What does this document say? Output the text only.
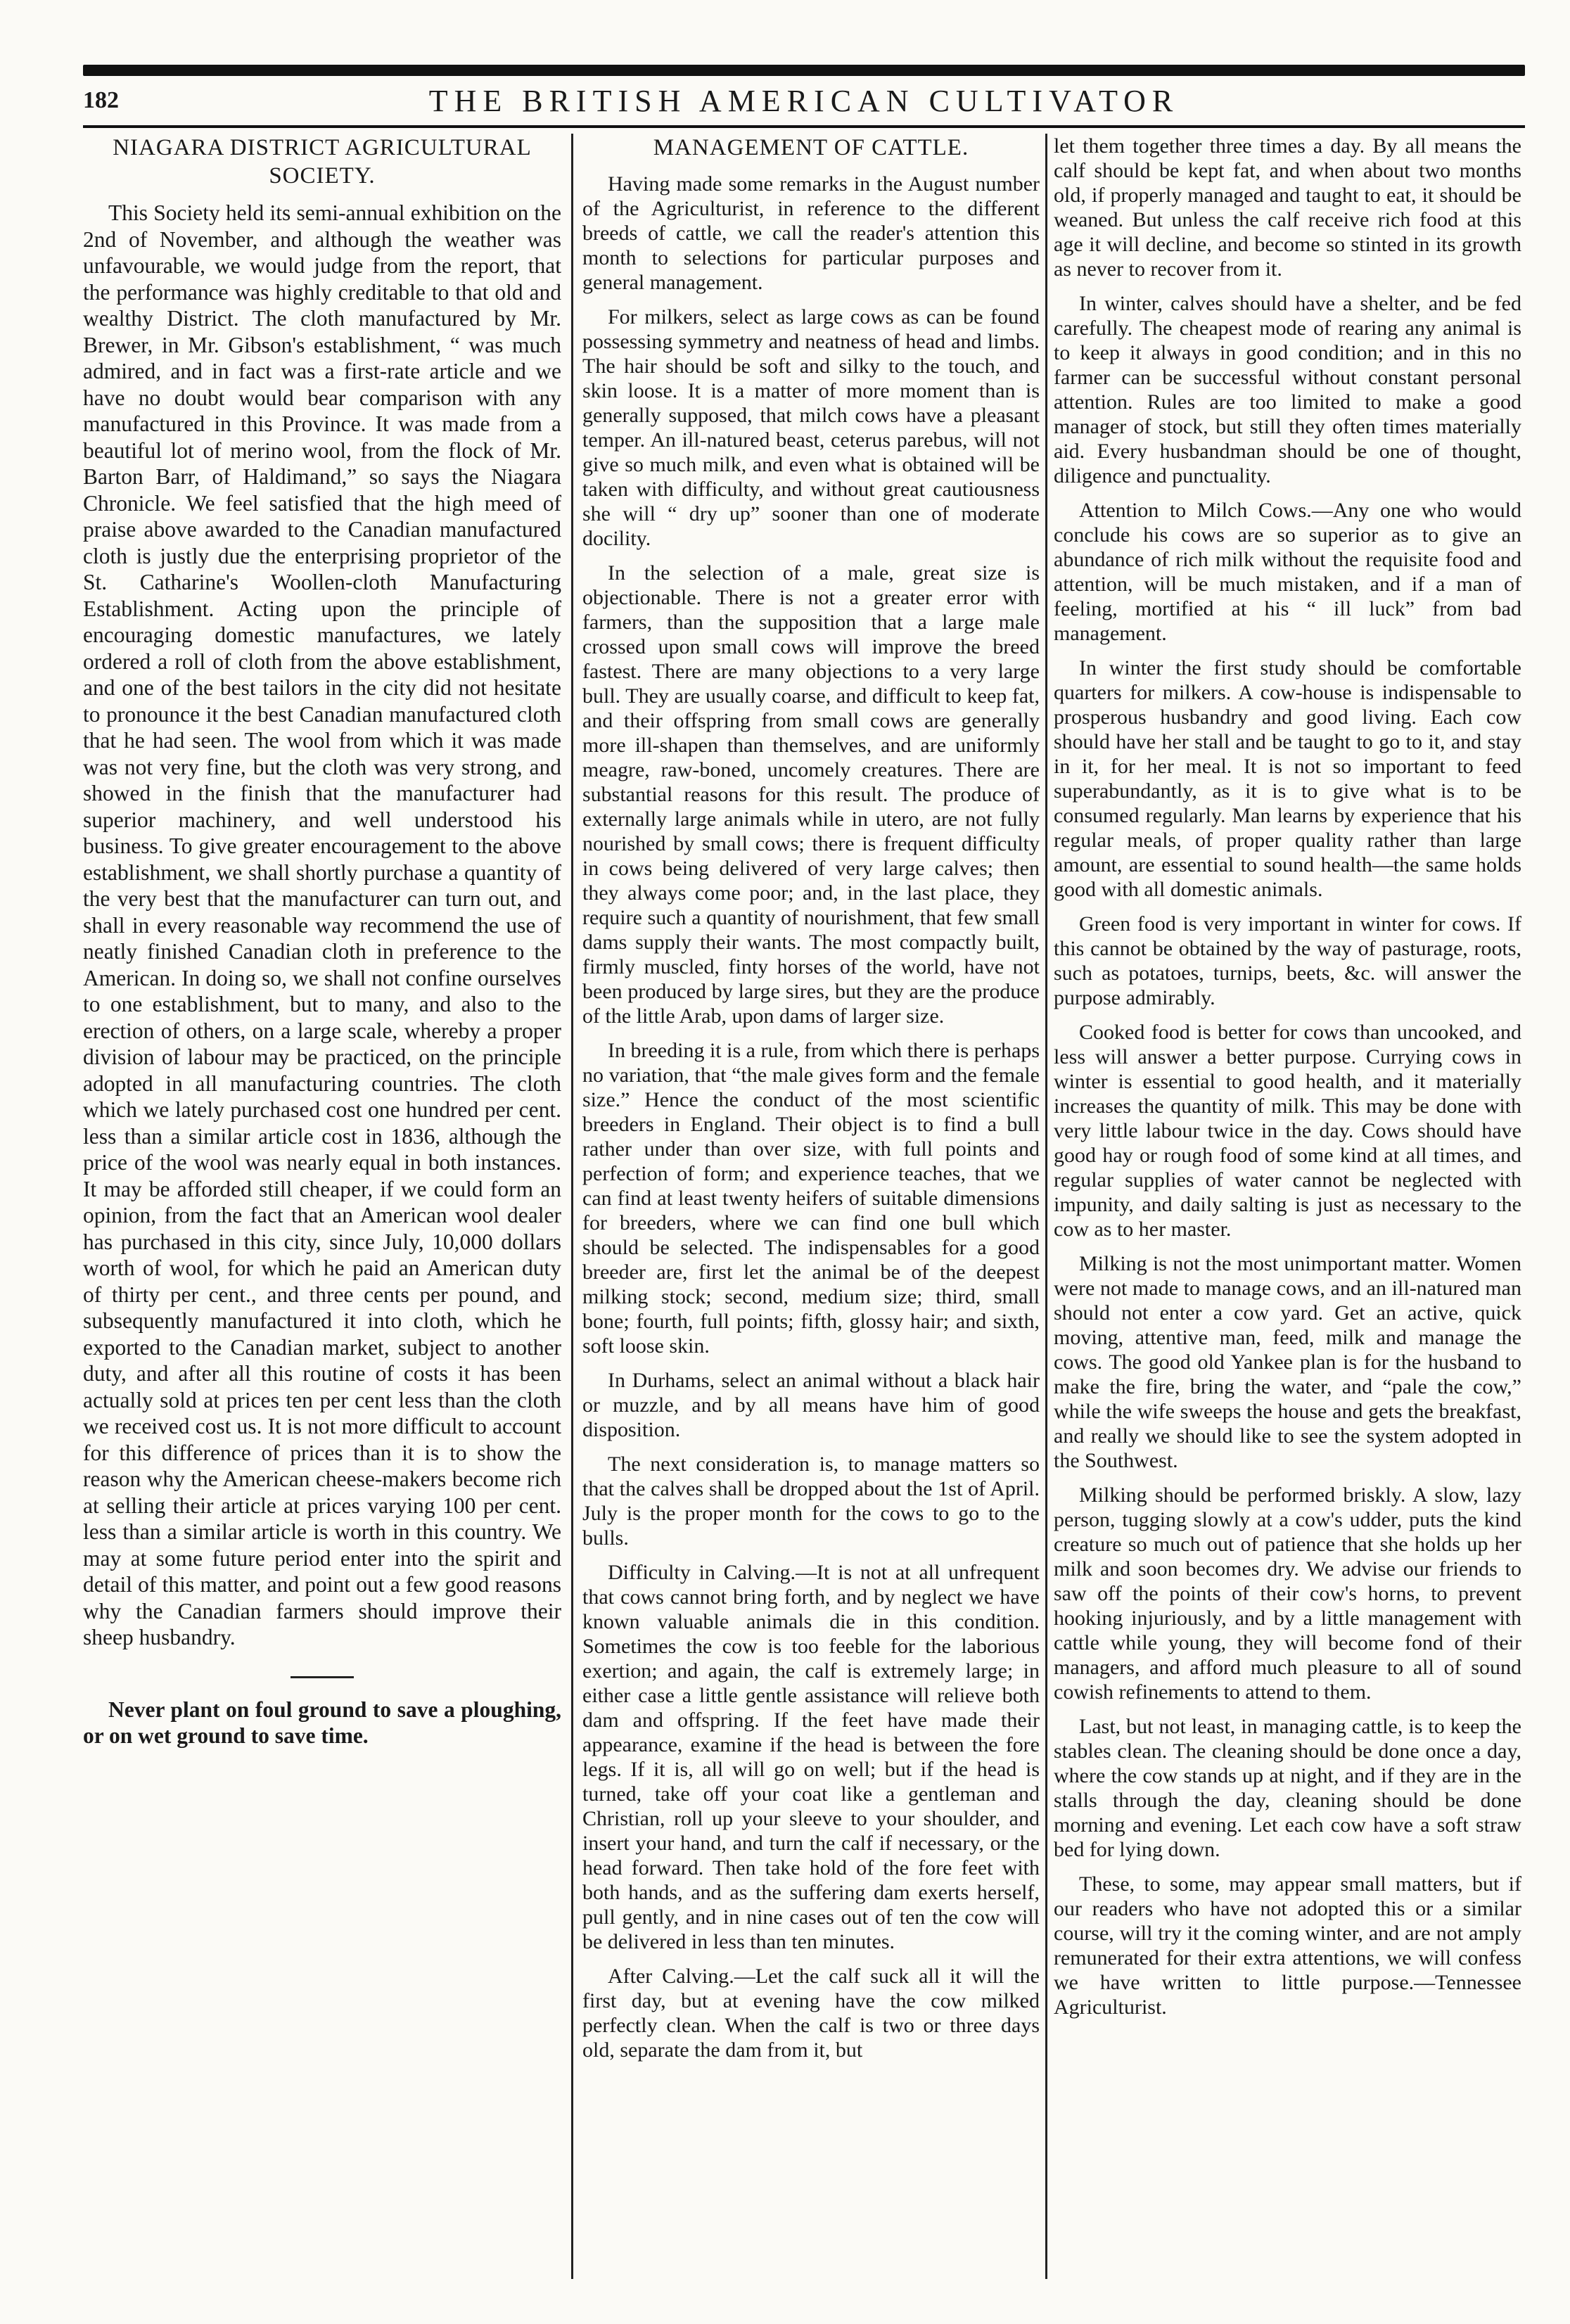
182	THE BRITISH AMERICAN CULTIVATOR
NIAGARA DISTRICT AGRICULTURAL SOCIETY.

This Society held its semi-annual exhibition on the 2nd of November, and although the weather was unfavourable, we would judge from the report, that the performance was highly creditable to that old and wealthy District. The cloth manufactured by Mr. Brewer, in Mr. Gibson's establishment, “ was much admired, and in fact was a first-rate article and we have no doubt would bear comparison with any manufactured in this Province. It was made from a beautiful lot of merino wool, from the flock of Mr. Barton Barr, of Haldimand,” so says the Niagara Chronicle. We feel satisfied that the high meed of praise above awarded to the Canadian manufactured cloth is justly due the enterprising proprietor of the St. Catharine's Woollen-cloth Manufacturing Establishment. Acting upon the principle of encouraging domestic manufactures, we lately ordered a roll of cloth from the above establishment, and one of the best tailors in the city did not hesitate to pronounce it the best Canadian manufactured cloth that he had seen. The wool from which it was made was not very fine, but the cloth was very strong, and showed in the finish that the manufacturer had superior machinery, and well understood his business. To give greater encouragement to the above establishment, we shall shortly purchase a quantity of the very best that the manufacturer can turn out, and shall in every reasonable way recommend the use of neatly finished Canadian cloth in preference to the American. In doing so, we shall not confine ourselves to one establishment, but to many, and also to the erection of others, on a large scale, whereby a proper division of labour may be practiced, on the principle adopted in all manufacturing countries. The cloth which we lately purchased cost one hundred per cent. less than a similar article cost in 1836, although the price of the wool was nearly equal in both instances. It may be afforded still cheaper, if we could form an opinion, from the fact that an American wool dealer has purchased in this city, since July, 10,000 dollars worth of wool, for which he paid an American duty of thirty per cent., and three cents per pound, and subsequently manufactured it into cloth, which he exported to the Canadian market, subject to another duty, and after all this routine of costs it has been actually sold at prices ten per cent less than the cloth we received cost us. It is not more difficult to account for this difference of prices than it is to show the reason why the American cheese-makers become rich at selling their article at prices varying 100 per cent. less than a similar article is worth in this country. We may at some future period enter into the spirit and detail of this matter, and point out a few good reasons why the Canadian farmers should improve their sheep husbandry.

Never plant on foul ground to save a ploughing, or on wet ground to save time.

MANAGEMENT OF CATTLE.

Having made some remarks in the August number of the Agriculturist, in reference to the different breeds of cattle, we call the reader's attention this month to selections for particular purposes and general management.

For milkers, select as large cows as can be found possessing symmetry and neatness of head and limbs. The hair should be soft and silky to the touch, and skin loose. It is a matter of more moment than is generally supposed, that milch cows have a pleasant temper. An ill-natured beast, ceterus parebus, will not give so much milk, and even what is obtained will be taken with difficulty, and without great cautiousness she will “ dry up” sooner than one of moderate docility.

In the selection of a male, great size is objectionable. There is not a greater error with farmers, than the supposition that a large male crossed upon small cows will improve the breed fastest. There are many objections to a very large bull. They are usually coarse, and difficult to keep fat, and their offspring from small cows are generally more ill-shapen than themselves, and are uniformly meagre, raw-boned, uncomely creatures. There are substantial reasons for this result. The produce of externally large animals while in utero, are not fully nourished by small cows; there is frequent difficulty in cows being delivered of very large calves; then they always come poor; and, in the last place, they require such a quantity of nourishment, that few small dams supply their wants. The most compactly built, firmly muscled, finty horses of the world, have not been produced by large sires, but they are the produce of the little Arab, upon dams of larger size.

In breeding it is a rule, from which there is perhaps no variation, that “the male gives form and the female size.” Hence the conduct of the most scientific breeders in England. Their object is to find a bull rather under than over size, with full points and perfection of form; and experience teaches, that we can find at least twenty heifers of suitable dimensions for breeders, where we can find one bull which should be selected. The indispensables for a good breeder are, first let the animal be of the deepest milking stock; second, medium size; third, small bone; fourth, full points; fifth, glossy hair; and sixth, soft loose skin.

In Durhams, select an animal without a black hair or muzzle, and by all means have him of good disposition.

The next consideration is, to manage matters so that the calves shall be dropped about the 1st of April. July is the proper month for the cows to go to the bulls.

Difficulty in Calving.—It is not at all unfrequent that cows cannot bring forth, and by neglect we have known valuable animals die in this condition. Sometimes the cow is too feeble for the laborious exertion; and again, the calf is extremely large; in either case a little gentle assistance will relieve both dam and offspring. If the feet have made their appearance, examine if the head is between the fore legs. If it is, all will go on well; but if the head is turned, take off your coat like a gentleman and Christian, roll up your sleeve to your shoulder, and insert your hand, and turn the calf if necessary, or the head forward. Then take hold of the fore feet with both hands, and as the suffering dam exerts herself, pull gently, and in nine cases out of ten the cow will be delivered in less than ten minutes.

After Calving.—Let the calf suck all it will the first day, but at evening have the cow milked perfectly clean. When the calf is two or three days old, separate the dam from it, but

let them together three times a day. By all means the calf should be kept fat, and when about two months old, if properly managed and taught to eat, it should be weaned. But unless the calf receive rich food at this age it will decline, and become so stinted in its growth as never to recover from it.

In winter, calves should have a shelter, and be fed carefully. The cheapest mode of rearing any animal is to keep it always in good condition; and in this no farmer can be successful without constant personal attention. Rules are too limited to make a good manager of stock, but still they often times materially aid. Every husbandman should be one of thought, diligence and punctuality.

Attention to Milch Cows.—Any one who would conclude his cows are so superior as to give an abundance of rich milk without the requisite food and attention, will be much mistaken, and if a man of feeling, mortified at his “ ill luck” from bad management.

In winter the first study should be comfortable quarters for milkers. A cow-house is indispensable to prosperous husbandry and good living. Each cow should have her stall and be taught to go to it, and stay in it, for her meal. It is not so important to feed superabundantly, as it is to give what is to be consumed regularly. Man learns by experience that his regular meals, of proper quality rather than large amount, are essential to sound health—the same holds good with all domestic animals.

Green food is very important in winter for cows. If this cannot be obtained by the way of pasturage, roots, such as potatoes, turnips, beets, &c. will answer the purpose admirably.

Cooked food is better for cows than uncooked, and less will answer a better purpose. Currying cows in winter is essential to good health, and it materially increases the quantity of milk. This may be done with very little labour twice in the day. Cows should have good hay or rough food of some kind at all times, and regular supplies of water cannot be neglected with impunity, and daily salting is just as necessary to the cow as to her master.

Milking is not the most unimportant matter. Women were not made to manage cows, and an ill-natured man should not enter a cow yard. Get an active, quick moving, attentive man, feed, milk and manage the cows. The good old Yankee plan is for the husband to make the fire, bring the water, and “pale the cow,” while the wife sweeps the house and gets the breakfast, and really we should like to see the system adopted in the Southwest.

Milking should be performed briskly. A slow, lazy person, tugging slowly at a cow's udder, puts the kind creature so much out of patience that she holds up her milk and soon becomes dry. We advise our friends to saw off the points of their cow's horns, to prevent hooking injuriously, and by a little management with cattle while young, they will become fond of their managers, and afford much pleasure to all of sound cowish refinements to attend to them.

Last, but not least, in managing cattle, is to keep the stables clean. The cleaning should be done once a day, where the cow stands up at night, and if they are in the stalls through the day, cleaning should be done morning and evening. Let each cow have a soft straw bed for lying down.

These, to some, may appear small matters, but if our readers who have not adopted this or a similar course, will try it the coming winter, and are not amply remunerated for their extra attentions, we will confess we have written to little purpose.—Tennessee Agriculturist.
